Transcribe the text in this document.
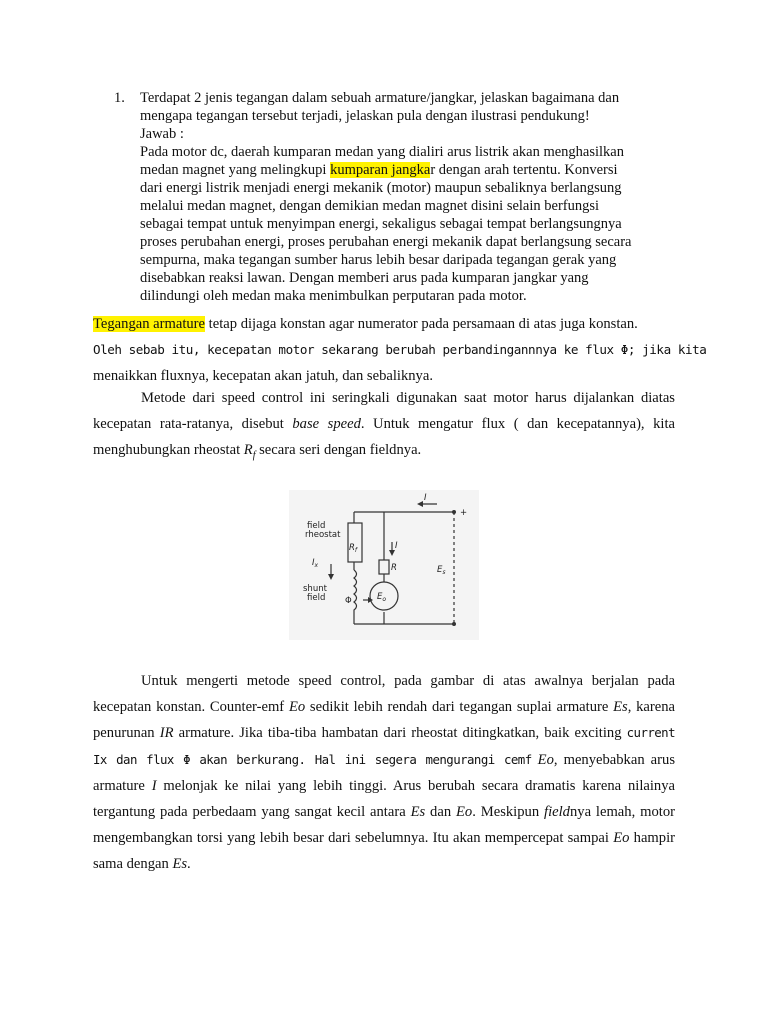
1. Terdapat 2 jenis tegangan dalam sebuah armature/jangkar, jelaskan bagaimana dan
mengapa tegangan tersebut terjadi, jelaskan pula dengan ilustrasi pendukung!
Jawab :
Pada motor dc, daerah kumparan medan yang dialiri arus listrik akan menghasilkan
medan magnet yang melingkupi kumparan jangkar dengan arah tertentu. Konversi
dari energi listrik menjadi energi mekanik (motor) maupun sebaliknya berlangsung
melalui medan magnet, dengan demikian medan magnet disini selain berfungsi
sebagai tempat untuk menyimpan energi, sekaligus sebagai tempat berlangsungnya
proses perubahan energi, proses perubahan energi mekanik dapat berlangsung secara
sempurna, maka tegangan sumber harus lebih besar daripada tegangan gerak yang
disebabkan reaksi lawan. Dengan memberi arus pada kumparan jangkar yang
dilindungi oleh medan maka menimbulkan perputaran pada motor.
Tegangan armature tetap dijaga konstan agar numerator pada persamaan di atas juga konstan.
Oleh sebab itu, kecepatan motor sekarang berubah perbandingannnya ke flux Φ; jika kita
menaikkan fluxnya, kecepatan akan jatuh, dan sebaliknya.
Metode dari speed control ini seringkali digunakan saat motor harus dijalankan diatas kecepatan rata-ratanya, disebut base speed. Untuk mengatur flux ( dan kecepatannya), kita menghubungkan rheostat $R_f$ secara seri dengan fieldnya.
I
+
field
rheostat
$R_f$	I
$I_x$	R
$E_o$
$E_s$
shunt
field Φ
Untuk mengerti metode speed control, pada gambar di atas awalnya berjalan pada kecepatan konstan. Counter-emf Eo sedikit lebih rendah dari tegangan suplai armature Es, karena penurunan IR armature. Jika tiba-tiba hambatan dari rheostat ditingkatkan, baik exciting current Ix dan flux Φ akan berkurang. Hal ini segera mengurangi cemf Eo, menyebabkan arus armature I melonjak ke nilai yang lebih tinggi. Arus berubah secara dramatis karena nilainya tergantung pada perbedaam yang sangat kecil antara Es dan Eo. Meskipun fieldnya lemah, motor mengembangkan torsi yang lebih besar dari sebelumnya. Itu akan mempercepat sampai Eo hampir sama dengan Es.
